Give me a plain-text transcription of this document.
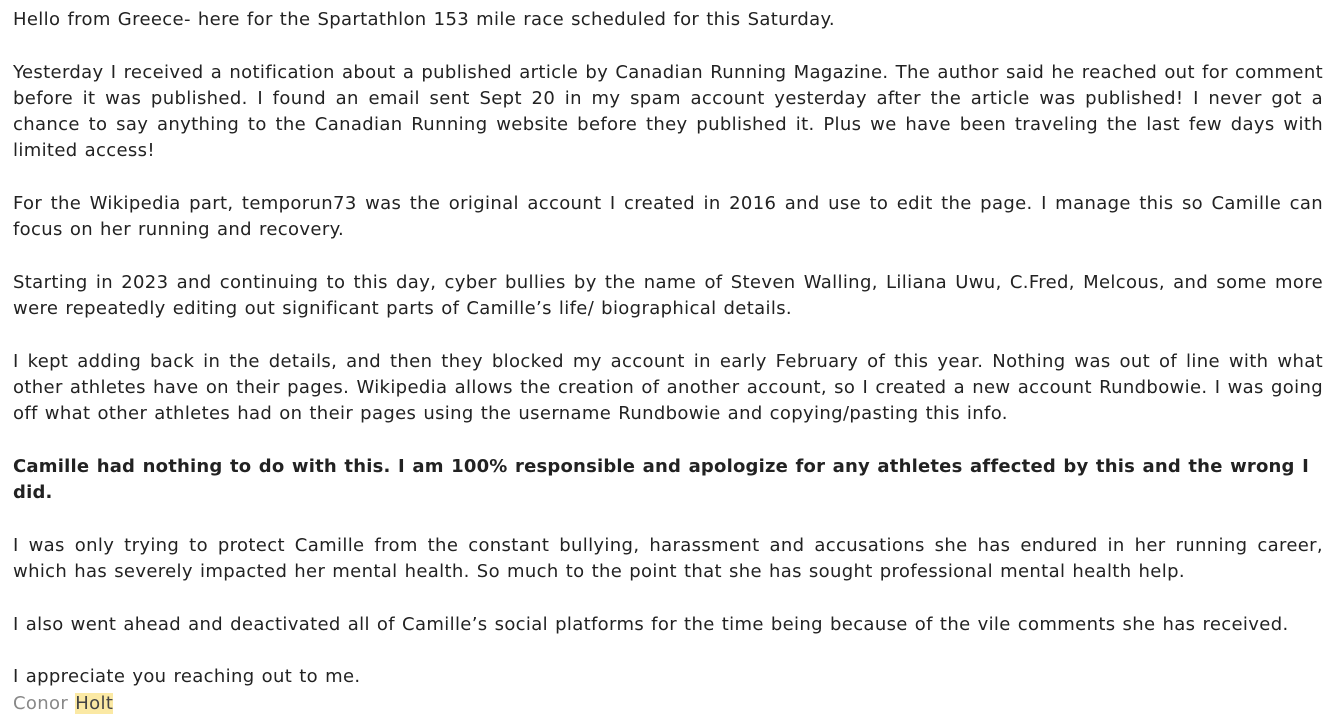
Hello from Greece- here for the Spartathlon 153 mile race scheduled for this Saturday.

Yesterday I received a notification about a published article by Canadian Running Magazine. The author said he reached out for comment before it was published. I found an email sent Sept 20 in my spam account yesterday after the article was published! I never got a chance to say anything to the Canadian Running website before they published it. Plus we have been traveling the last few days with limited access!

For the Wikipedia part, temporun73 was the original account I created in 2016 and use to edit the page. I manage this so Camille can focus on her running and recovery.

Starting in 2023 and continuing to this day, cyber bullies by the name of Steven Walling, Liliana Uwu, C.Fred, Melcous, and some more were repeatedly editing out significant parts of Camille’s life/ biographical details.

I kept adding back in the details, and then they blocked my account in early February of this year. Nothing was out of line with what other athletes have on their pages. Wikipedia allows the creation of another account, so I created a new account Rundbowie. I was going off what other athletes had on their pages using the username Rundbowie and copying/pasting this info.

Camille had nothing to do with this. I am 100% responsible and apologize for any athletes affected by this and the wrong I did.

I was only trying to protect Camille from the constant bullying, harassment and accusations she has endured in her running career, which has severely impacted her mental health. So much to the point that she has sought professional mental health help.

I also went ahead and deactivated all of Camille’s social platforms for the time being because of the vile comments she has received.

I appreciate you reaching out to me.

Conor Holt
